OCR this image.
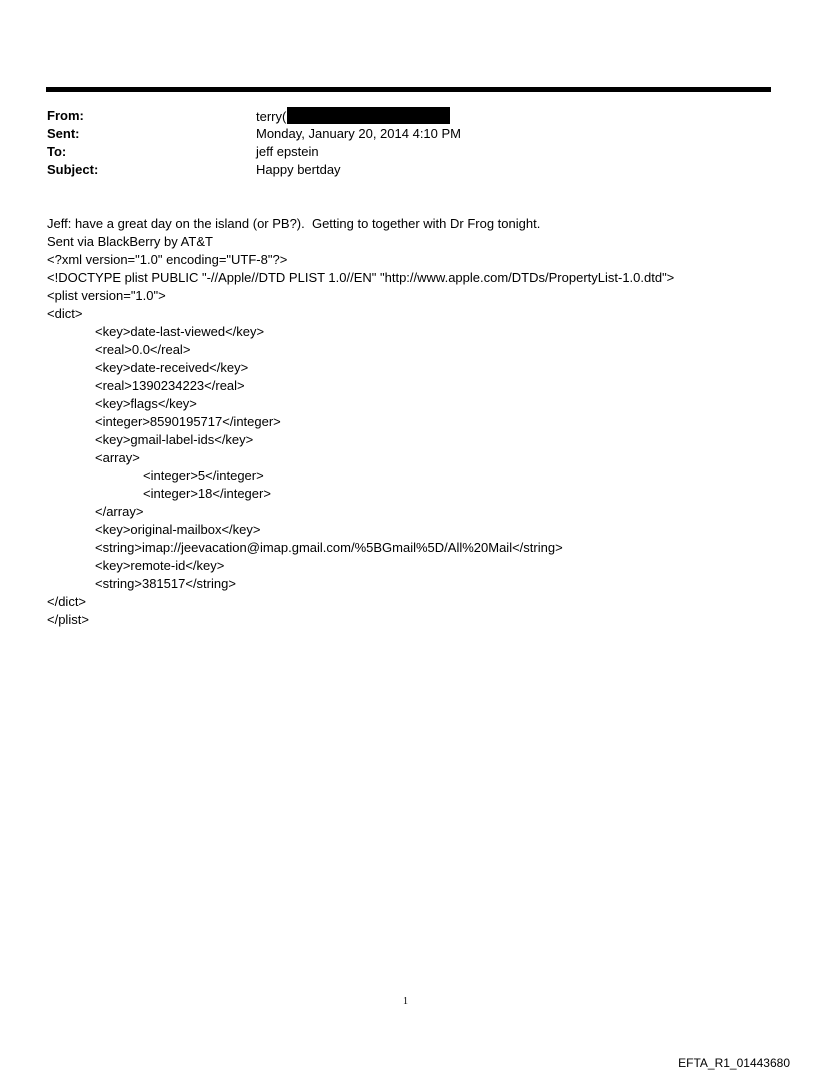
From:	terry(
Sent:	Monday, January 20, 2014 4:10 PM
To:	jeff epstein
Subject:	Happy bertday
Jeff: have a great day on the island (or PB?).  Getting to together with Dr Frog tonight.
Sent via BlackBerry by AT&T
<?xml version="1.0" encoding="UTF-8"?>
<!DOCTYPE plist PUBLIC "-//Apple//DTD PLIST 1.0//EN" "http://www.apple.com/DTDs/PropertyList-1.0.dtd">
<plist version="1.0">
<dict>
<key>date-last-viewed</key>
<real>0.0</real>
<key>date-received</key>
<real>1390234223</real>
<key>flags</key>
<integer>8590195717</integer>
<key>gmail-label-ids</key>
<array>
<integer>5</integer>
<integer>18</integer>
</array>
<key>original-mailbox</key>
<string>imap://jeevacation@imap.gmail.com/%5BGmail%5D/All%20Mail</string>
<key>remote-id</key>
<string>381517</string>
</dict>
</plist>
1
EFTA_R1_01443680
